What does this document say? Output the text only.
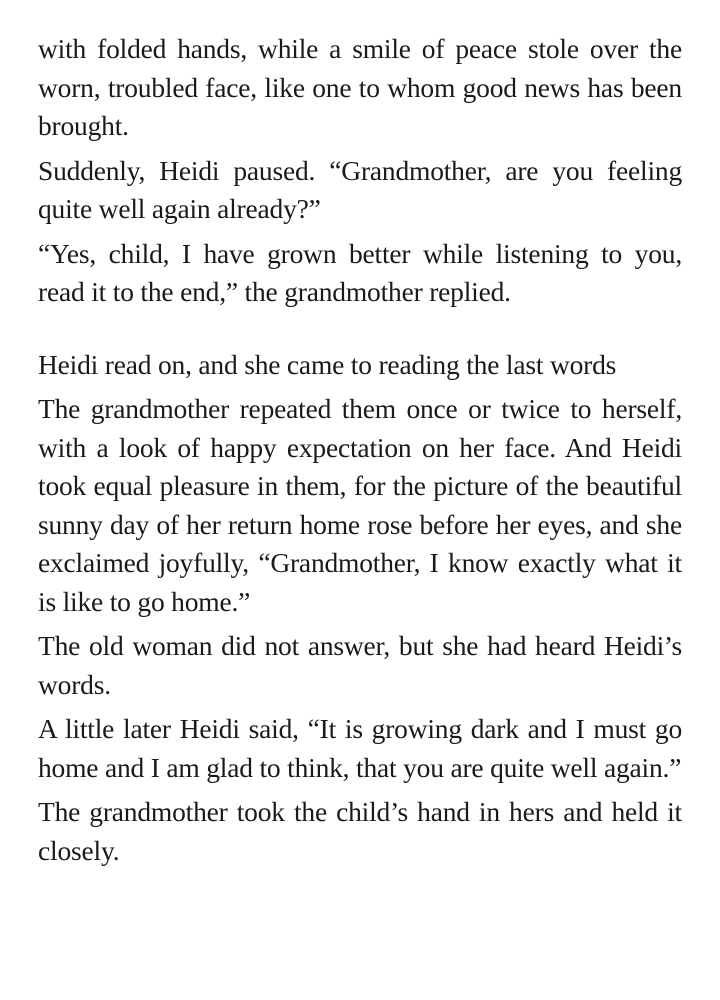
with folded hands, while a smile of peace stole over the worn, troubled face, like one to whom good news has been brought.

Suddenly, Heidi paused. “Grandmother, are you feeling quite well again already?”

“Yes, child, I have grown better while listening to you, read it to the end,” the grandmother replied.

Heidi read on, and she came to reading the last words

The grandmother repeated them once or twice to herself, with a look of happy expectation on her face. And Heidi took equal pleasure in them, for the picture of the beautiful sunny day of her return home rose before her eyes, and she exclaimed joyfully, “Grandmother, I know exactly what it is like to go home.”

The old woman did not answer, but she had heard Heidi’s words.

A little later Heidi said, “It is growing dark and I must go home and I am glad to think, that you are quite well again.”

The grandmother took the child’s hand in hers and held it closely.
